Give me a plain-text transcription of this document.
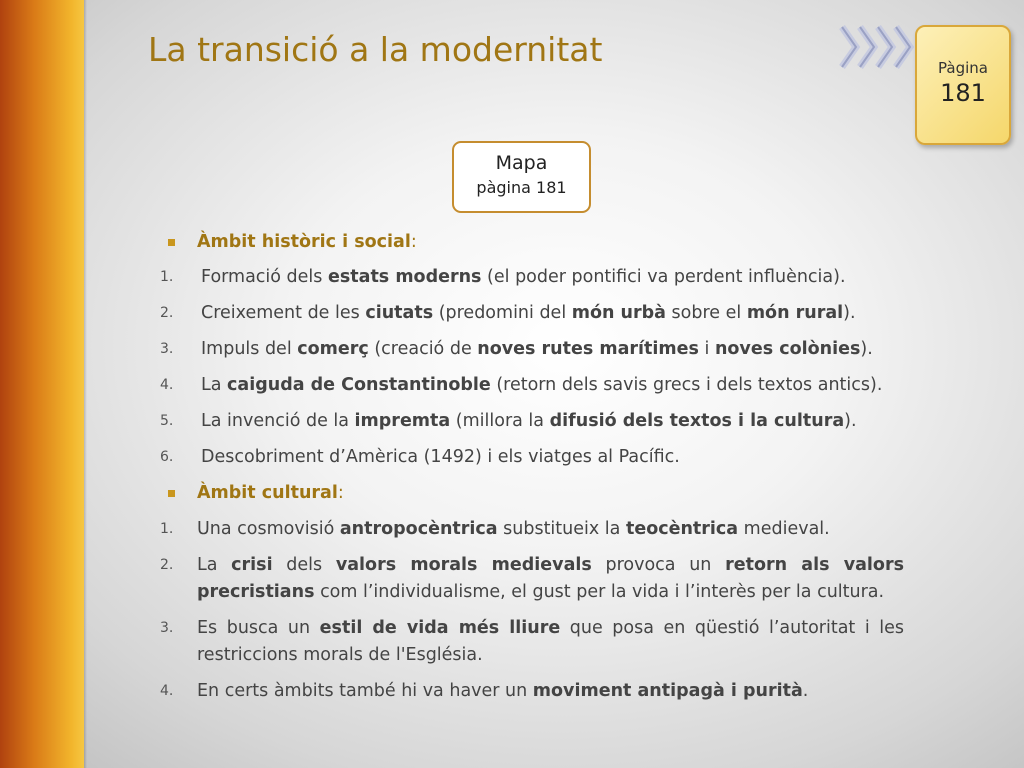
La transició a la modernitat	Pàgina
181
Mapa
pàgina 181
Àmbit històric i social:
1. Formació dels estats moderns (el poder pontifici va perdent influència).
2. Creixement de les ciutats (predomini del món urbà sobre el món rural).
3. Impuls del comerç (creació de noves rutes marítimes i noves colònies).
4. La caiguda de Constantinoble (retorn dels savis grecs i dels textos antics).
5. La invenció de la impremta (millora la difusió dels textos i la cultura).
6. Descobriment d’Amèrica (1492) i els viatges al Pacífic.
Àmbit cultural:
1. Una cosmovisió antropocèntrica substitueix la teocèntrica medieval.
2. La crisi dels valors morals medievals provoca un retorn als valors precristians com l’individualisme, el gust per la vida i l’interès per la cultura.
3. Es busca un estil de vida més lliure que posa en qüestió l’autoritat i les restriccions morals de l'Església.
4. En certs àmbits també hi va haver un moviment antipagà i purità.
